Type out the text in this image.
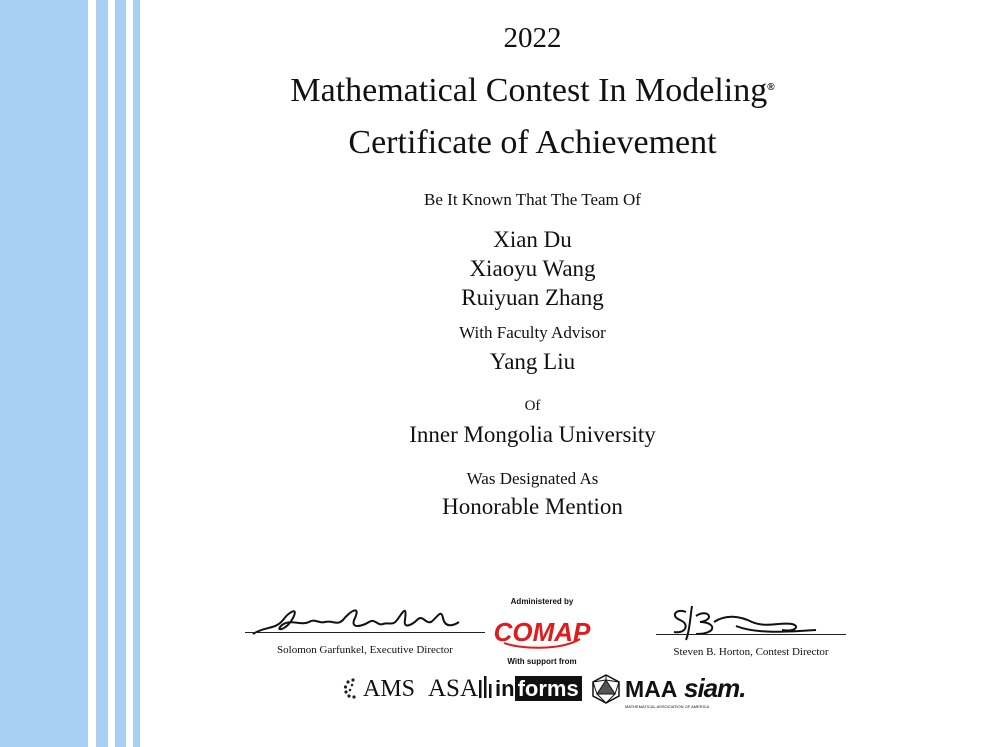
2022
Mathematical Contest In Modeling®
Certificate of Achievement
Be It Known That The Team Of
Xian Du
Xiaoyu Wang
Ruiyuan Zhang
With Faculty Advisor
Yang Liu
Of
Inner Mongolia University
Was Designated As
Honorable Mention
Solomon Garfunkel, Executive Director
Administered by
COMAP
With support from
Steven B. Horton, Contest Director
AMS ASA in forms MAA
MATHEMATICAL ASSOCIATION OF AMERICA
siam.
